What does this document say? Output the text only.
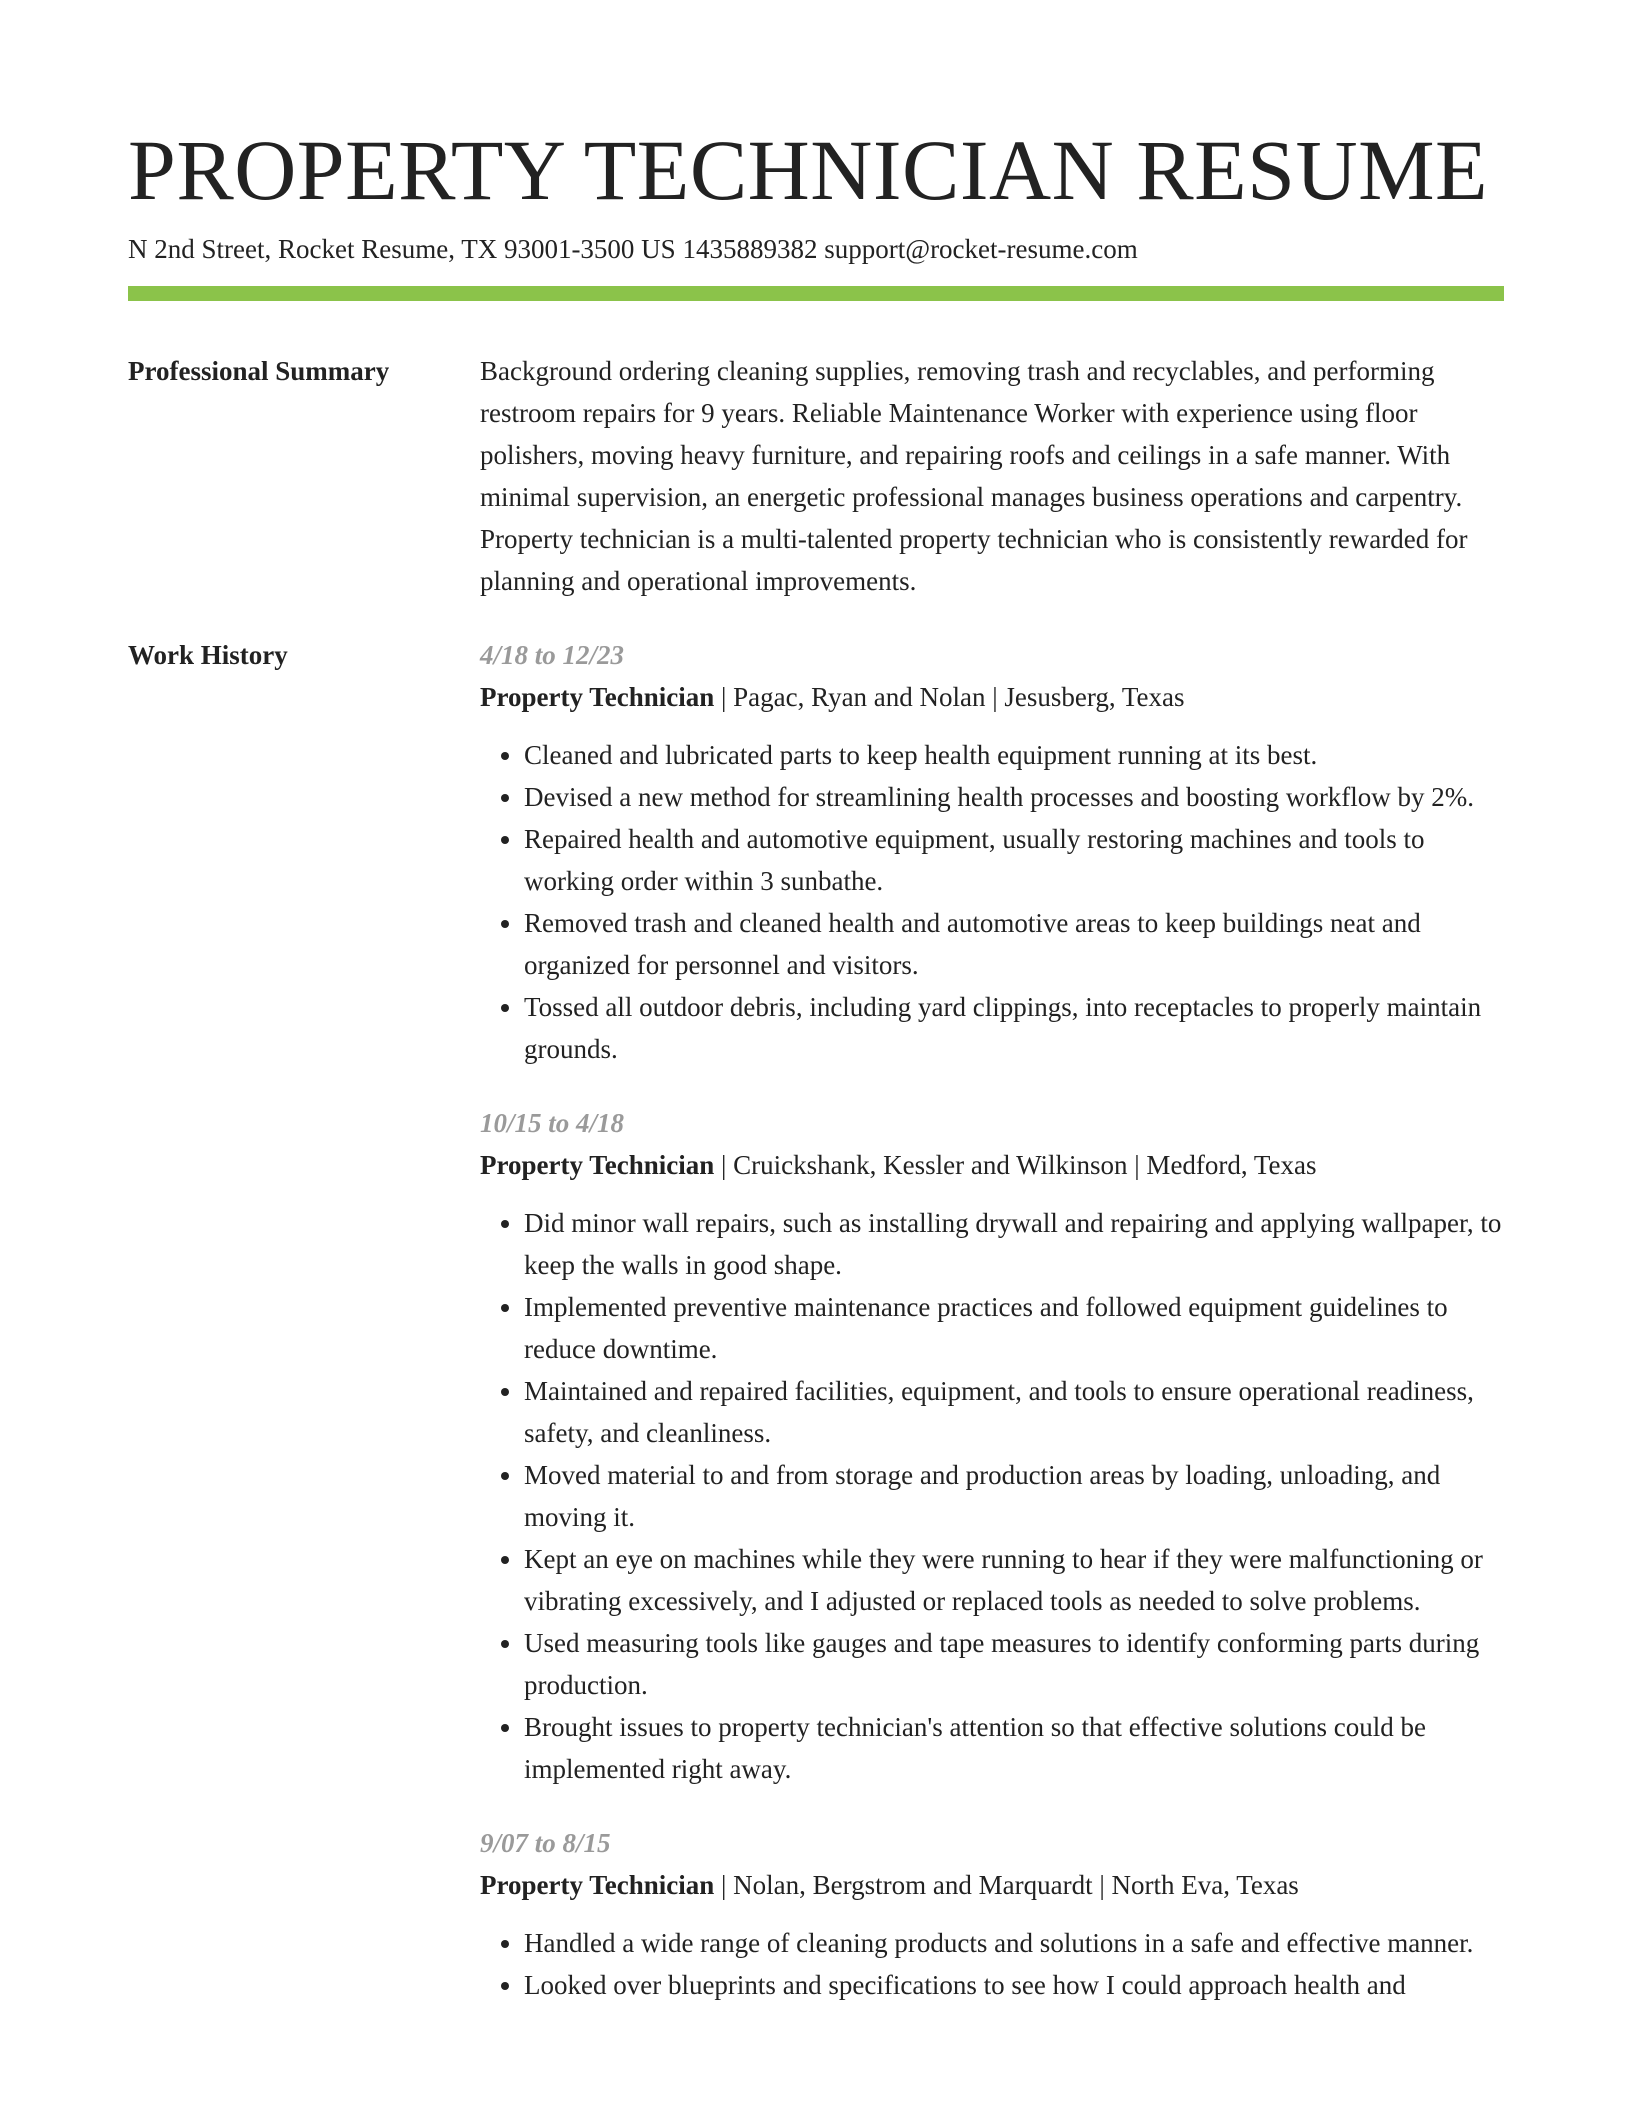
PROPERTY TECHNICIAN RESUME
N 2nd Street, Rocket Resume, TX 93001-3500 US 1435889382 support@rocket-resume.com
Professional Summary	Background ordering cleaning supplies, removing trash and recyclables, and performing restroom repairs for 9 years. Reliable Maintenance Worker with experience using floor polishers, moving heavy furniture, and repairing roofs and ceilings in a safe manner. With minimal supervision, an energetic professional manages business operations and carpentry. Property technician is a multi-talented property technician who is consistently rewarded for planning and operational improvements.

Work History	4/18 to 12/23
Property Technician | Pagac, Ryan and Nolan | Jesusberg, Texas
• Cleaned and lubricated parts to keep health equipment running at its best.
• Devised a new method for streamlining health processes and boosting workflow by 2%.
• Repaired health and automotive equipment, usually restoring machines and tools to working order within 3 sunbathe.
• Removed trash and cleaned health and automotive areas to keep buildings neat and organized for personnel and visitors.
• Tossed all outdoor debris, including yard clippings, into receptacles to properly maintain grounds.
10/15 to 4/18
Property Technician | Cruickshank, Kessler and Wilkinson | Medford, Texas
• Did minor wall repairs, such as installing drywall and repairing and applying wallpaper, to keep the walls in good shape.
• Implemented preventive maintenance practices and followed equipment guidelines to reduce downtime.
• Maintained and repaired facilities, equipment, and tools to ensure operational readiness, safety, and cleanliness.
• Moved material to and from storage and production areas by loading, unloading, and moving it.
• Kept an eye on machines while they were running to hear if they were malfunctioning or vibrating excessively, and I adjusted or replaced tools as needed to solve problems.
• Used measuring tools like gauges and tape measures to identify conforming parts during production.
• Brought issues to property technician's attention so that effective solutions could be implemented right away.
9/07 to 8/15
Property Technician | Nolan, Bergstrom and Marquardt | North Eva, Texas
• Handled a wide range of cleaning products and solutions in a safe and effective manner.
• Looked over blueprints and specifications to see how I could approach health and
